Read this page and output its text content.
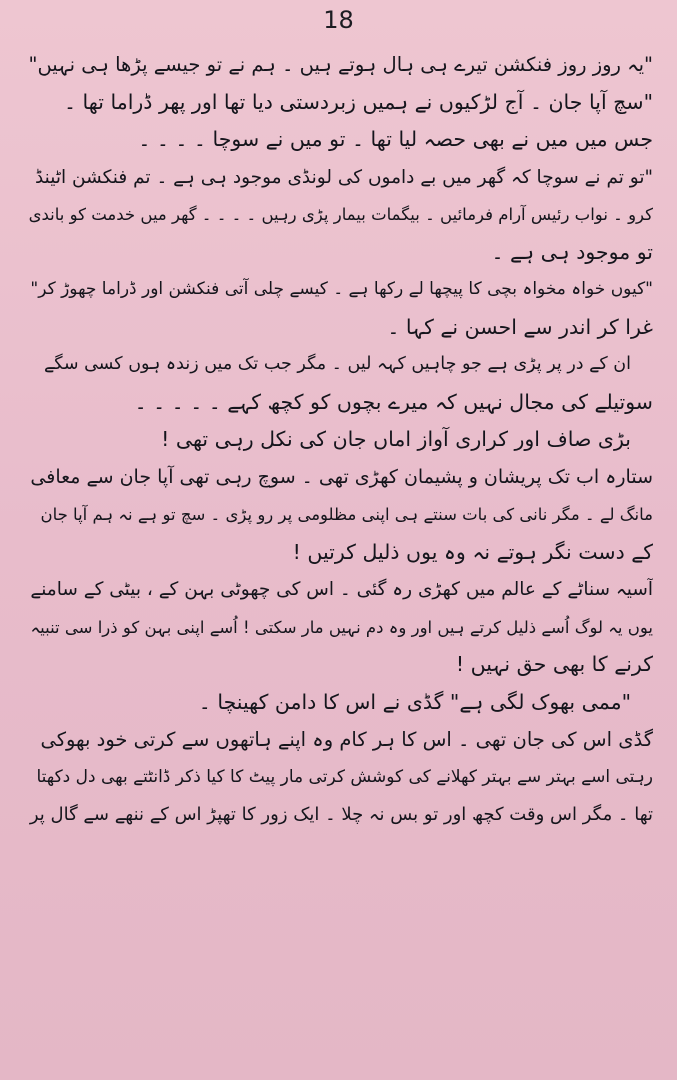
18
"یہ روز روز فنکشن تیرے ہی ہال ہوتے ہیں ۔ ہم نے تو جیسے پڑھا ہی نہیں"
"سچ آپا جان ۔ آج لڑکیوں نے ہمیں زبردستی دیا تھا اور پھر ڈراما تھا ۔
جس میں میں نے بھی حصہ لیا تھا ۔ تو میں نے سوچا ۔ ۔ ۔ ۔
"تو تم نے سوچا کہ گھر میں بے داموں کی لونڈی موجود ہی ہے ۔ تم فنکشن اٹینڈ
کرو ۔ نواب رئیس آرام فرمائیں ۔ بیگمات بیمار پڑی رہیں ۔ ۔ ۔ ۔ گھر میں خدمت کو باندی
تو موجود ہی ہے ۔
"کیوں خواہ مخواہ بچی کا پیچھا لے رکھا ہے ۔ کیسے چلی آتی فنکشن اور ڈراما چھوڑ کر"
غرا کر اندر سے احسن نے کہا ۔
ان کے در پر پڑی ہے جو چاہیں کہہ لیں ۔ مگر جب تک میں زندہ ہوں کسی سگے
سوتیلے کی مجال نہیں کہ میرے بچوں کو کچھ کہے ۔ ۔ ۔ ۔ ۔
بڑی صاف اور کراری آواز اماں جان کی نکل رہی تھی !
ستارہ اب تک پریشان و پشیمان کھڑی تھی ۔ سوچ رہی تھی آپا جان سے معافی
مانگ لے ۔ مگر نانی کی بات سنتے ہی اپنی مظلومی پر رو پڑی ۔ سچ تو ہے نہ ہم آپا جان
کے دست نگر ہوتے نہ وہ یوں ذلیل کرتیں !
آسیہ سناٹے کے عالم میں کھڑی رہ گئی ۔ اس کی چھوٹی بہن کے ، بیٹی کے سامنے
یوں یہ لوگ اُسے ذلیل کرتے ہیں اور وہ دم نہیں مار سکتی ! اُسے اپنی بہن کو ذرا سی تنبیہ
کرنے کا بھی حق نہیں !
"ممی بھوک لگی ہے" گڈی نے اس کا دامن کھینچا ۔
گڈی اس کی جان تھی ۔ اس کا ہر کام وہ اپنے ہاتھوں سے کرتی خود بھوکی
رہتی اسے بہتر سے بہتر کھلانے کی کوشش کرتی مار پیٹ کا کیا ذکر ڈانٹتے بھی دل دکھتا
تھا ۔ مگر اس وقت کچھ اور تو بس نہ چلا ۔ ایک زور کا تھپڑ اس کے ننھے سے گال پر
